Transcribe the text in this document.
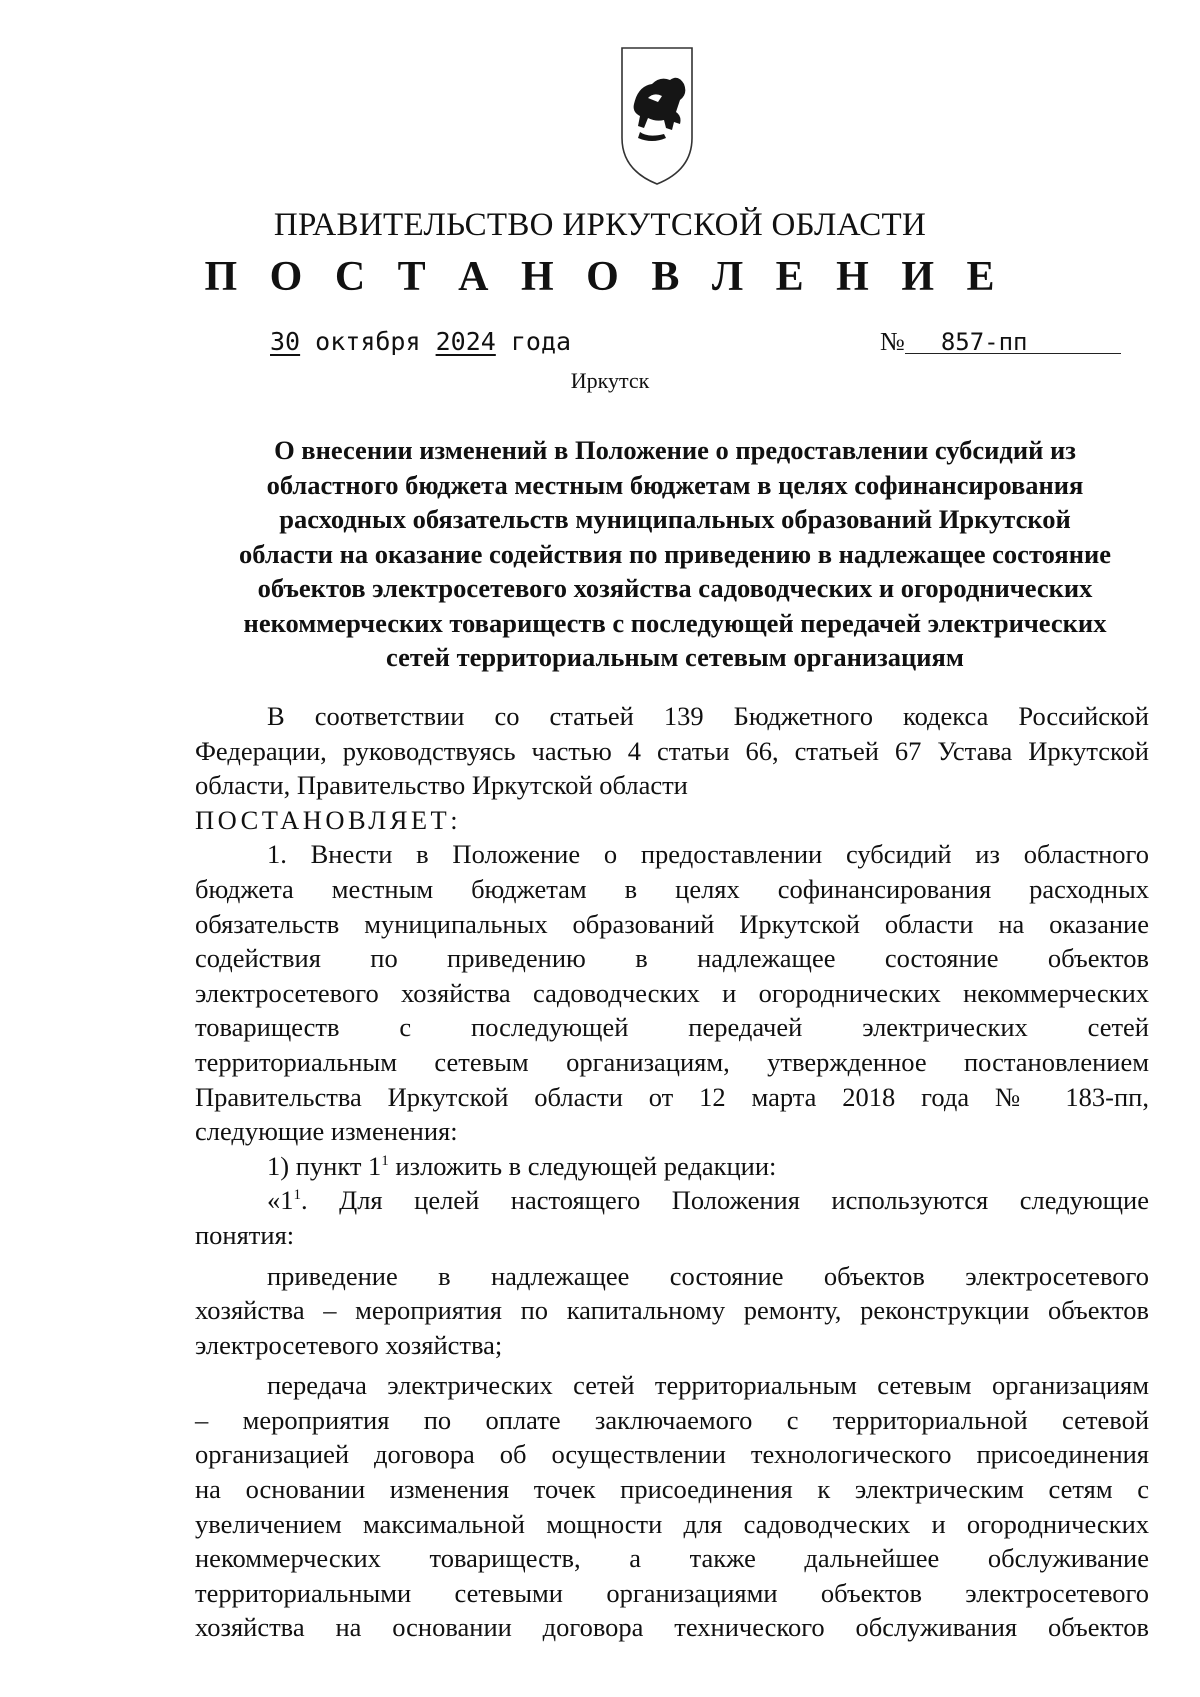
ПРАВИТЕЛЬСТВО ИРКУТСКОЙ ОБЛАСТИ
П О С Т А Н О В Л Е Н И Е
30 октября 2024 года	№ 857-пп
Иркутск
О внесении изменений в Положение о предоставлении субсидий из
областного бюджета местным бюджетам в целях софинансирования
расходных обязательств муниципальных образований Иркутской
области на оказание содействия по приведению в надлежащее состояние
объектов электросетевого хозяйства садоводческих и огороднических
некоммерческих товариществ с последующей передачей электрических
сетей территориальным сетевым организациям
В соответствии со статьей 139 Бюджетного кодекса Российской
Федерации, руководствуясь частью 4 статьи 66, статьей 67 Устава Иркутской
области, Правительство Иркутской области
ПОСТАНОВЛЯЕТ:
1. Внести в Положение о предоставлении субсидий из областного
бюджета местным бюджетам в целях софинансирования расходных
обязательств муниципальных образований Иркутской области на оказание
содействия по приведению в надлежащее состояние объектов
электросетевого хозяйства садоводческих и огороднических некоммерческих
товариществ с последующей передачей электрических сетей
территориальным сетевым организациям, утвержденное постановлением
Правительства Иркутской области от 12 марта 2018 года № 183-пп,
следующие изменения:
1) пункт $1^1$ изложить в следующей редакции:
«$1^1$. Для целей настоящего Положения используются следующие
понятия:
приведение в надлежащее состояние объектов электросетевого
хозяйства – мероприятия по капитальному ремонту, реконструкции объектов
электросетевого хозяйства;
передача электрических сетей территориальным сетевым организациям
– мероприятия по оплате заключаемого с территориальной сетевой
организацией договора об осуществлении технологического присоединения
на основании изменения точек присоединения к электрическим сетям с
увеличением максимальной мощности для садоводческих и огороднических
некоммерческих товариществ, а также дальнейшее обслуживание
территориальными сетевыми организациями объектов электросетевого
хозяйства на основании договора технического обслуживания объектов
